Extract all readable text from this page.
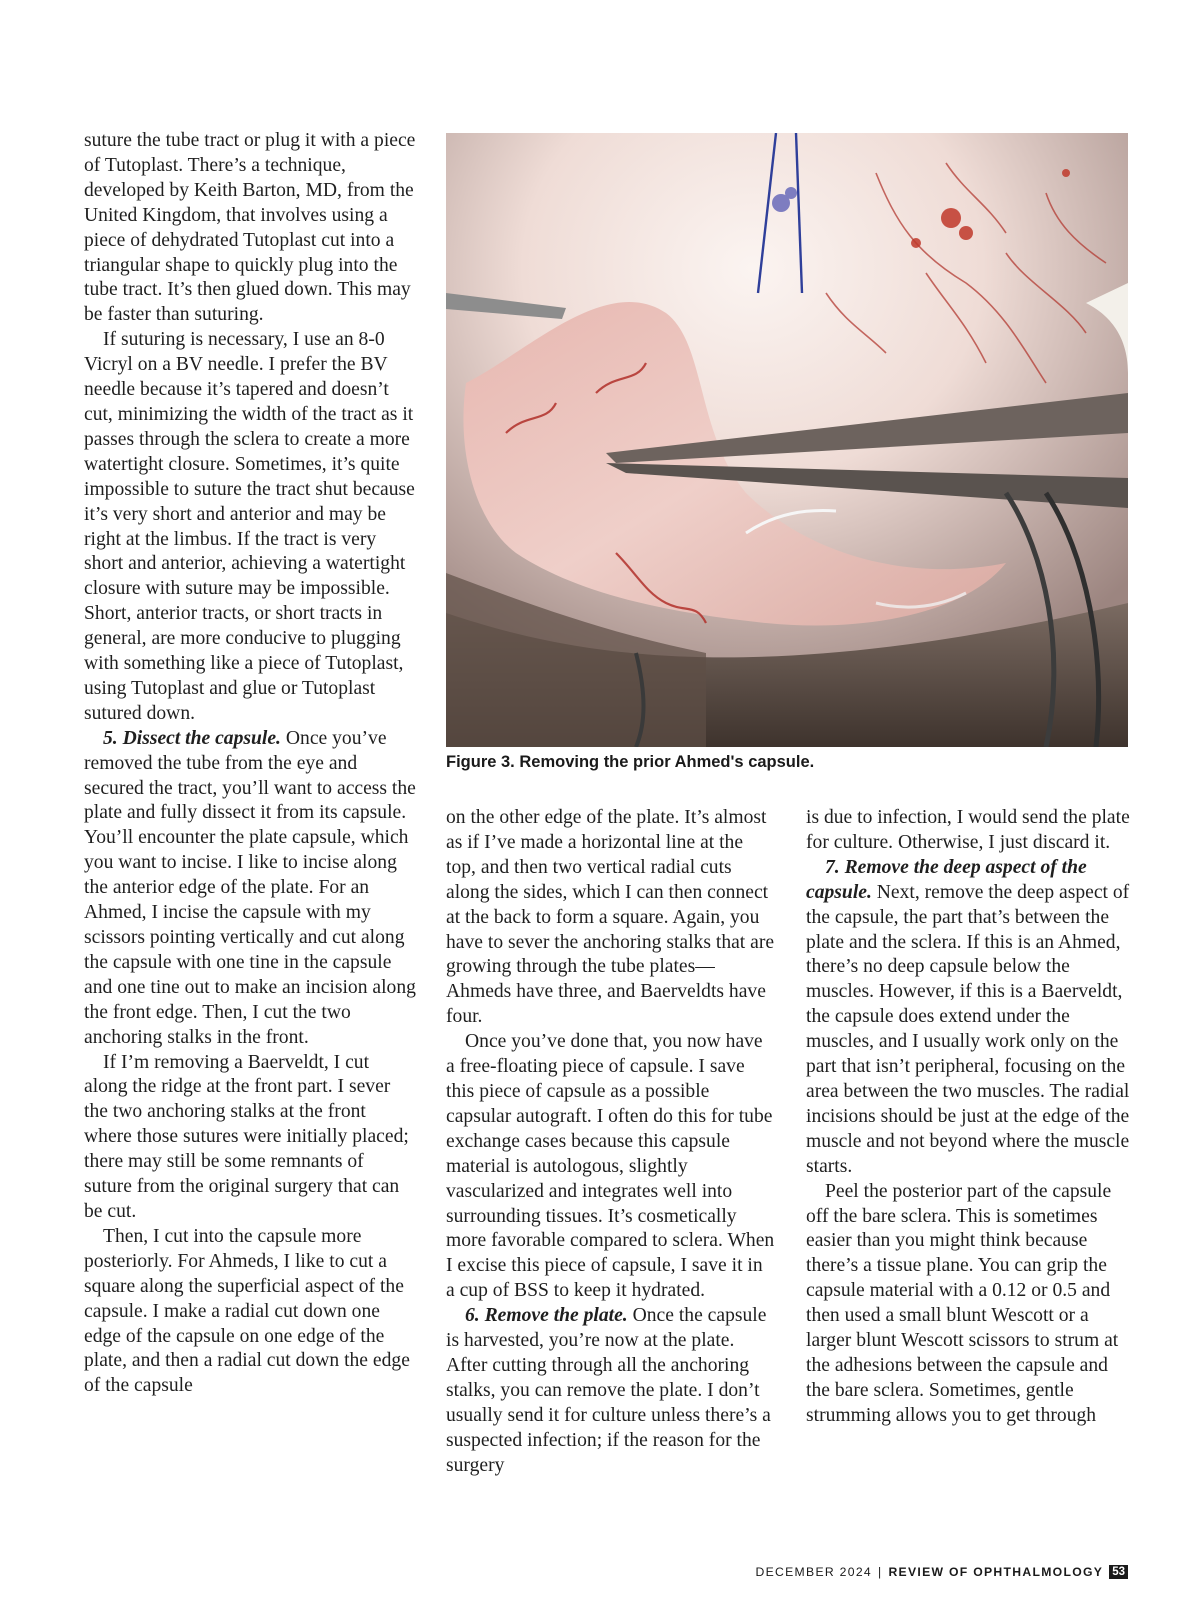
suture the tube tract or plug it with a piece of Tutoplast. There’s a technique, developed by Keith Barton, MD, from the United Kingdom, that involves using a piece of dehydrated Tutoplast cut into a triangular shape to quickly plug into the tube tract. It’s then glued down. This may be faster than suturing.

If suturing is necessary, I use an 8-0 Vicryl on a BV needle. I prefer the BV needle because it’s tapered and doesn’t cut, minimizing the width of the tract as it passes through the sclera to create a more watertight closure. Sometimes, it’s quite impossible to suture the tract shut because it’s very short and anterior and may be right at the limbus. If the tract is very short and anterior, achieving a watertight closure with suture may be impossible. Short, anterior tracts, or short tracts in general, are more conducive to plugging with something like a piece of Tutoplast, using Tutoplast and glue or Tutoplast sutured down.

5. Dissect the capsule. Once you’ve removed the tube from the eye and secured the tract, you’ll want to access the plate and fully dissect it from its capsule. You’ll encounter the plate capsule, which you want to incise. I like to incise along the anterior edge of the plate. For an Ahmed, I incise the capsule with my scissors pointing vertically and cut along the capsule with one tine in the capsule and one tine out to make an incision along the front edge. Then, I cut the two anchoring stalks in the front.

If I’m removing a Baerveldt, I cut along the ridge at the front part. I sever the two anchoring stalks at the front where those sutures were initially placed; there may still be some remnants of suture from the original surgery that can be cut.

Then, I cut into the capsule more posteriorly. For Ahmeds, I like to cut a square along the superficial aspect of the capsule. I make a radial cut down one edge of the capsule on one edge of the plate, and then a radial cut down the edge of the capsule

Figure 3. Removing the prior Ahmed's capsule.

on the other edge of the plate. It’s almost as if I’ve made a horizontal line at the top, and then two vertical radial cuts along the sides, which I can then connect at the back to form a square. Again, you have to sever the anchoring stalks that are growing through the tube plates—Ahmeds have three, and Baerveldts have four.

Once you’ve done that, you now have a free-floating piece of capsule. I save this piece of capsule as a possible capsular autograft. I often do this for tube exchange cases because this capsule material is autologous, slightly vascularized and integrates well into surrounding tissues. It’s cosmetically more favorable compared to sclera. When I excise this piece of capsule, I save it in a cup of BSS to keep it hydrated.

6. Remove the plate. Once the capsule is harvested, you’re now at the plate. After cutting through all the anchoring stalks, you can remove the plate. I don’t usually send it for culture unless there’s a suspected infection; if the reason for the surgery

is due to infection, I would send the plate for culture. Otherwise, I just discard it.

7. Remove the deep aspect of the capsule. Next, remove the deep aspect of the capsule, the part that’s between the plate and the sclera. If this is an Ahmed, there’s no deep capsule below the muscles. However, if this is a Baerveldt, the capsule does extend under the muscles, and I usually work only on the part that isn’t peripheral, focusing on the area between the two muscles. The radial incisions should be just at the edge of the muscle and not beyond where the muscle starts.

Peel the posterior part of the capsule off the bare sclera. This is sometimes easier than you might think because there’s a tissue plane. You can grip the capsule material with a 0.12 or 0.5 and then used a small blunt Wescott or a larger blunt Wescott scissors to strum at the adhesions between the capsule and the bare sclera. Sometimes, gentle strumming allows you to get through

DECEMBER 2024 | REVIEW OF OPHTHALMOLOGY 53
